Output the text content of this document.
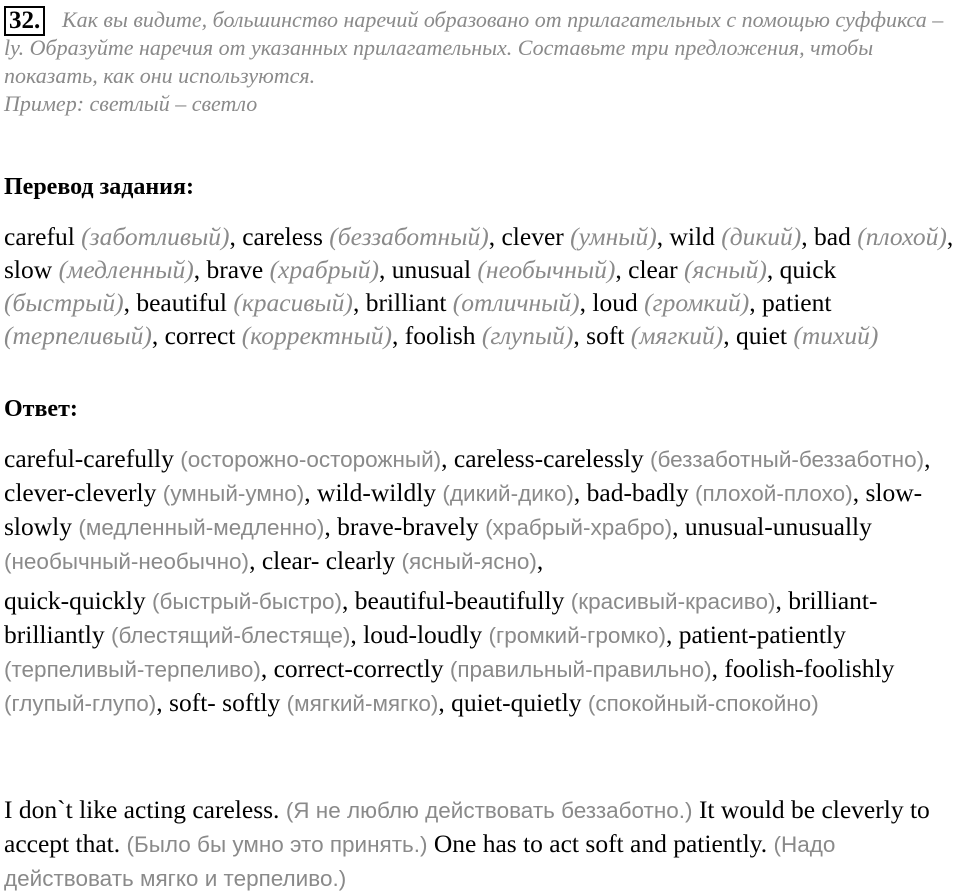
32. Как вы видите, большинство наречий образовано от прилагательных с помощью суффикса –ly. Образуйте наречия от указанных прилагательных. Составьте три предложения, чтобы показать, как они используются.

Пример: светлый – светло

Перевод задания:

careful (заботливый), careless (беззаботный), clever (умный), wild (дикий), bad (плохой), slow (медленный), brave (храбрый), unusual (необычный), clear (ясный), quick (быстрый), beautiful (красивый), brilliant (отличный), loud (громкий), patient (терпеливый), correct (корректный), foolish (глупый), soft (мягкий), quiet (тихий)

Ответ:

careful-carefully (осторожно-осторожный), careless-carelessly (беззаботный-беззаботно), clever-cleverly (умный-умно), wild-wildly (дикий-дико), bad-badly (плохой-плохо), slow-slowly (медленный-медленно), brave-bravely (храбрый-храбро), unusual-unusually (необычный-необычно), clear- clearly (ясный-ясно),

quick-quickly (быстрый-быстро), beautiful-beautifully (красивый-красиво), brilliant-brilliantly (блестящий-блестяще), loud-loudly (громкий-громко), patient-patiently (терпеливый-терпеливо), correct-correctly (правильный-правильно), foolish-foolishly (глупый-глупо), soft- softly (мягкий-мягко), quiet-quietly (спокойный-спокойно)

I don`t like acting careless. (Я не люблю действовать беззаботно.) It would be cleverly to accept that. (Было бы умно это принять.) One has to act soft and patiently. (Надо действовать мягко и терпеливо.)
